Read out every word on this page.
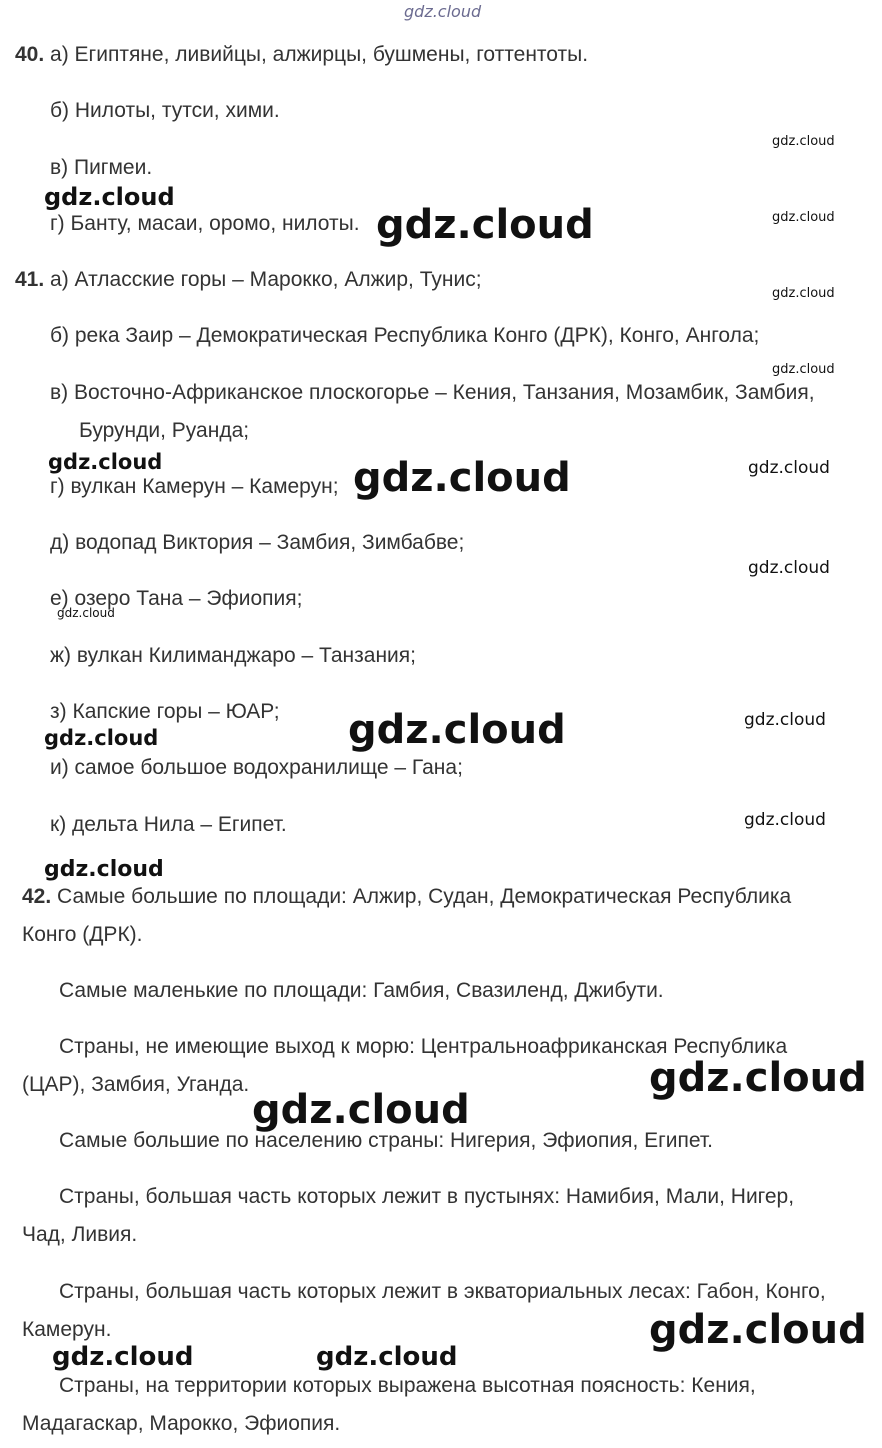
gdz.cloud
40. а) Египтяне, ливийцы, алжирцы, бушмены, готтентоты.
б) Нилоты, тутси, хими.
в) Пигмеи.
г) Банту, масаи, оромо, нилоты.
41. а) Атласские горы – Марокко, Алжир, Тунис;
б) река Заир – Демократическая Республика Конго (ДРК), Конго, Ангола;
в) Восточно-Африканское плоскогорье – Кения, Танзания, Мозамбик, Замбия,
Бурунди, Руанда;
г) вулкан Камерун – Камерун;
д) водопад Виктория – Замбия, Зимбабве;
е) озеро Тана – Эфиопия;
ж) вулкан Килиманджаро – Танзания;
з) Капские горы – ЮАР;
и) самое большое водохранилище – Гана;
к) дельта Нила – Египет.
42. Самые большие по площади: Алжир, Судан, Демократическая Республика
Конго (ДРК).
Самые маленькие по площади: Гамбия, Свазиленд, Джибути.
Страны, не имеющие выход к морю: Центральноафриканская Республика
(ЦАР), Замбия, Уганда.
Самые большие по населению страны: Нигерия, Эфиопия, Египет.
Страны, большая часть которых лежит в пустынях: Намибия, Мали, Нигер,
Чад, Ливия.
Страны, большая часть которых лежит в экваториальных лесах: Габон, Конго,
Камерун.
Страны, на территории которых выражена высотная поясность: Кения,
Мадагаскар, Марокко, Эфиопия.
gdz.cloud
gdz.cloud
gdz.cloud	gdz.cloud
gdz.cloud
gdz.cloud
gdz.cloud	gdz.cloud	gdz.cloud
gdz.cloud
gdz.cloud
gdz.cloud	gdz.cloud
gdz.cloud
gdz.cloud
gdz.cloud
gdz.cloud
gdz.cloud
gdz.cloud
gdz.cloud	gdz.cloud
